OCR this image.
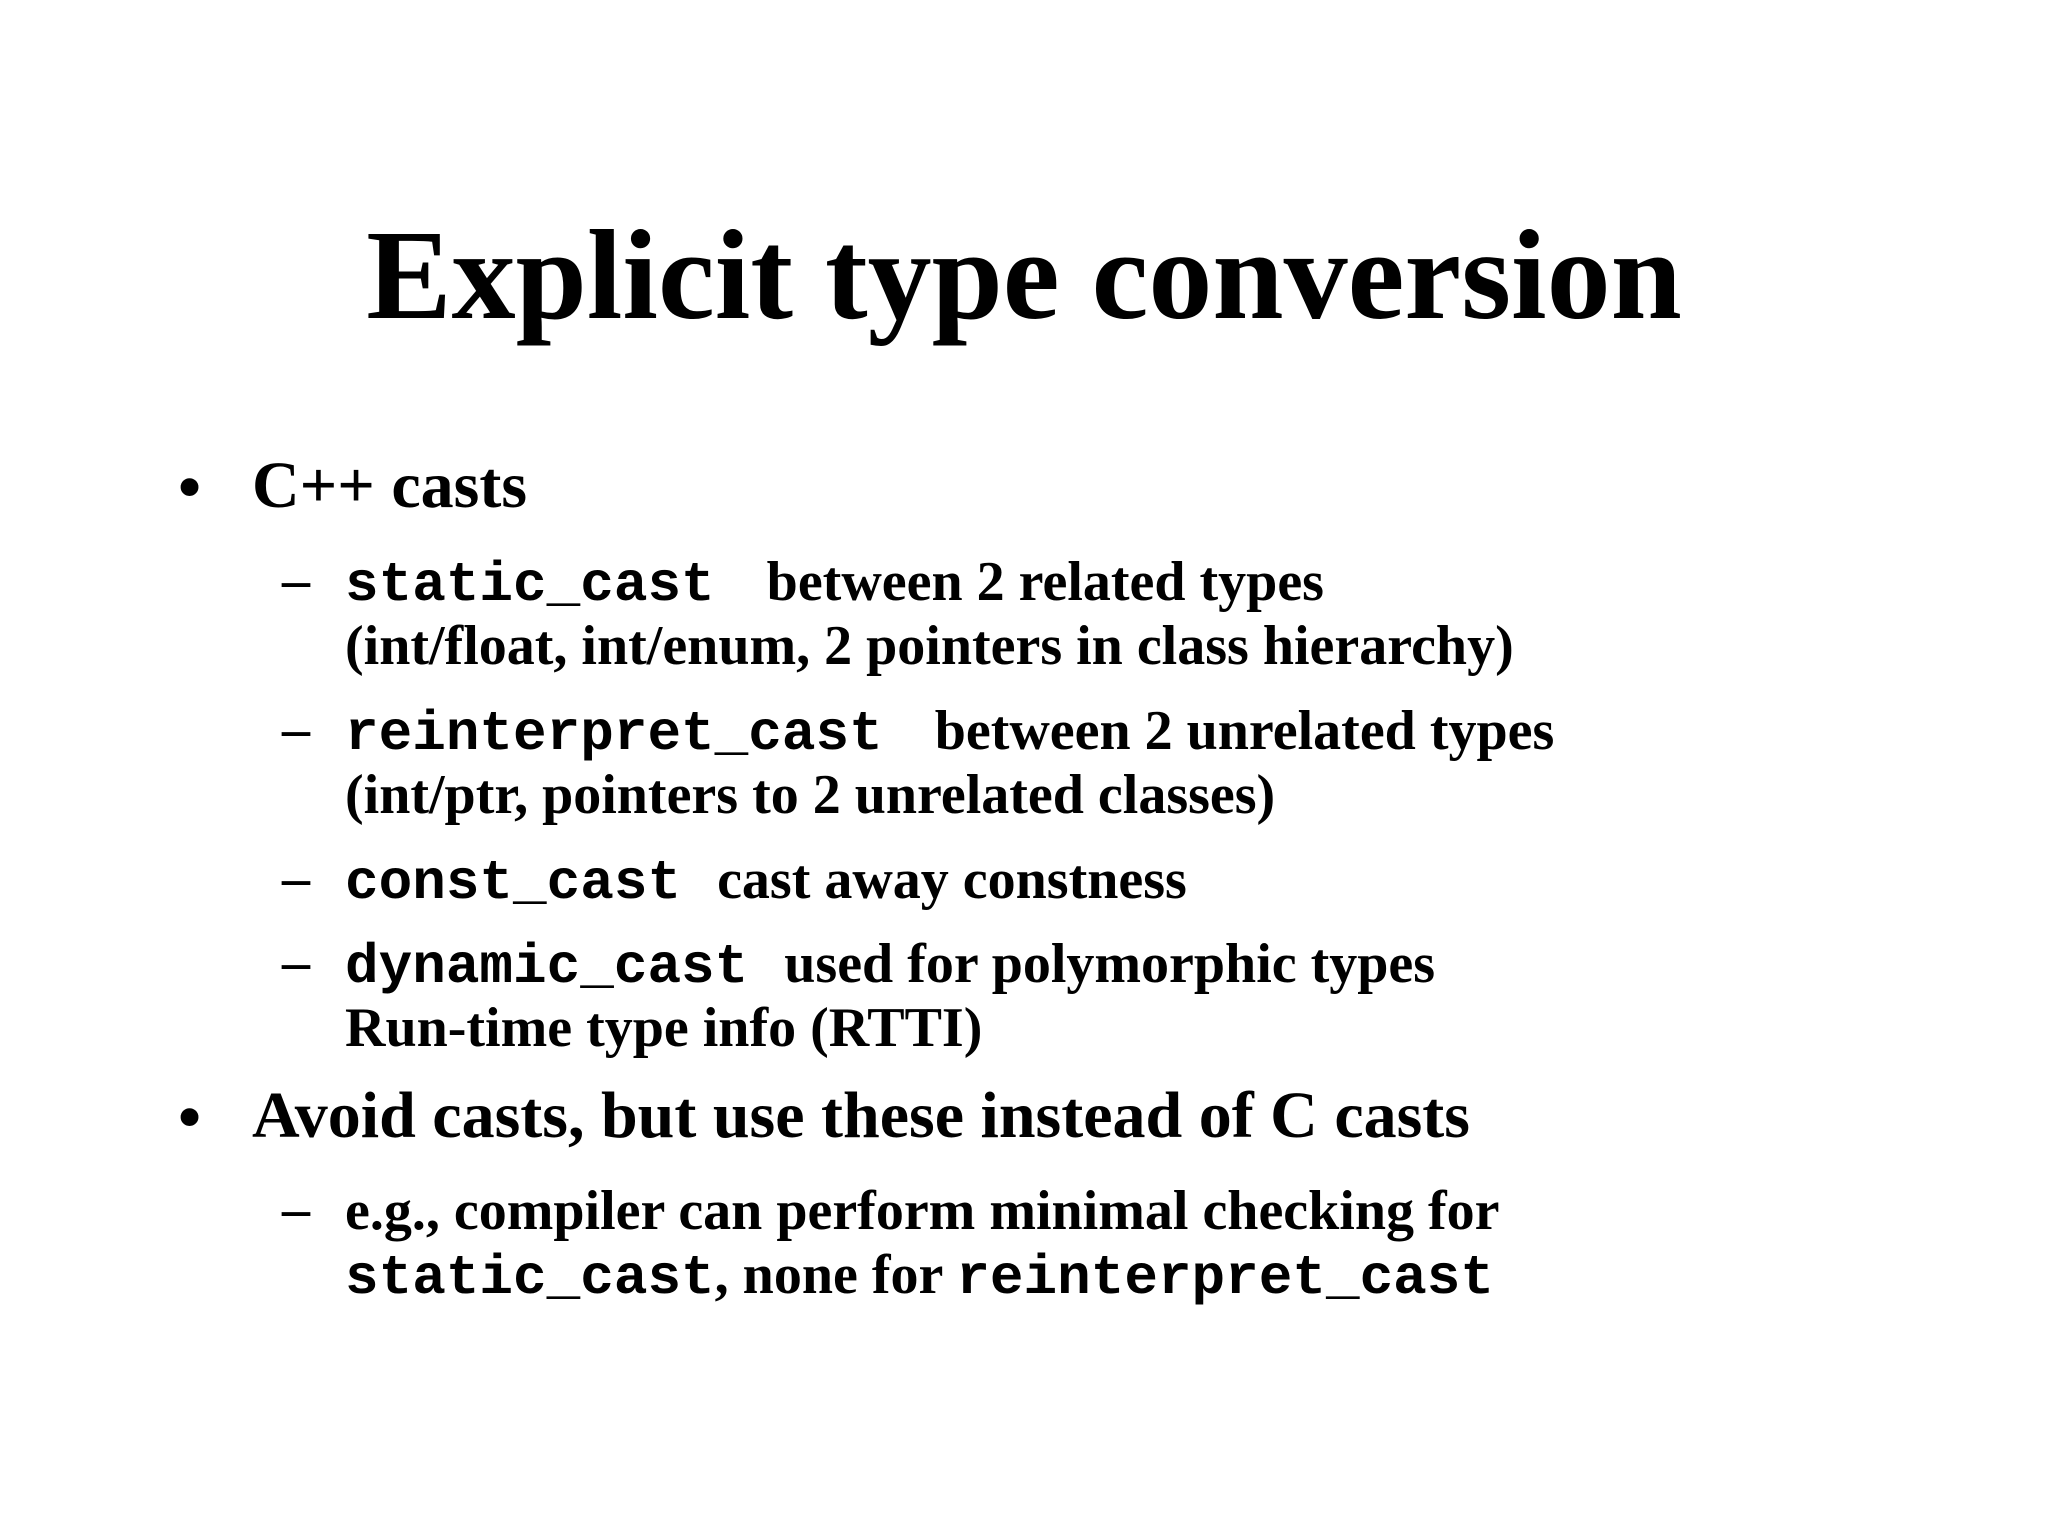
Explicit type conversion
• C++ casts
– static_cast between 2 related types
(int/float, int/enum, 2 pointers in class hierarchy)
– reinterpret_cast between 2 unrelated types
(int/ptr, pointers to 2 unrelated classes)
– const_cast cast away constness
– dynamic_cast used for polymorphic types
Run-time type info (RTTI)
• Avoid casts, but use these instead of C casts
– e.g., compiler can perform minimal checking for
static_cast, none for reinterpret_cast
